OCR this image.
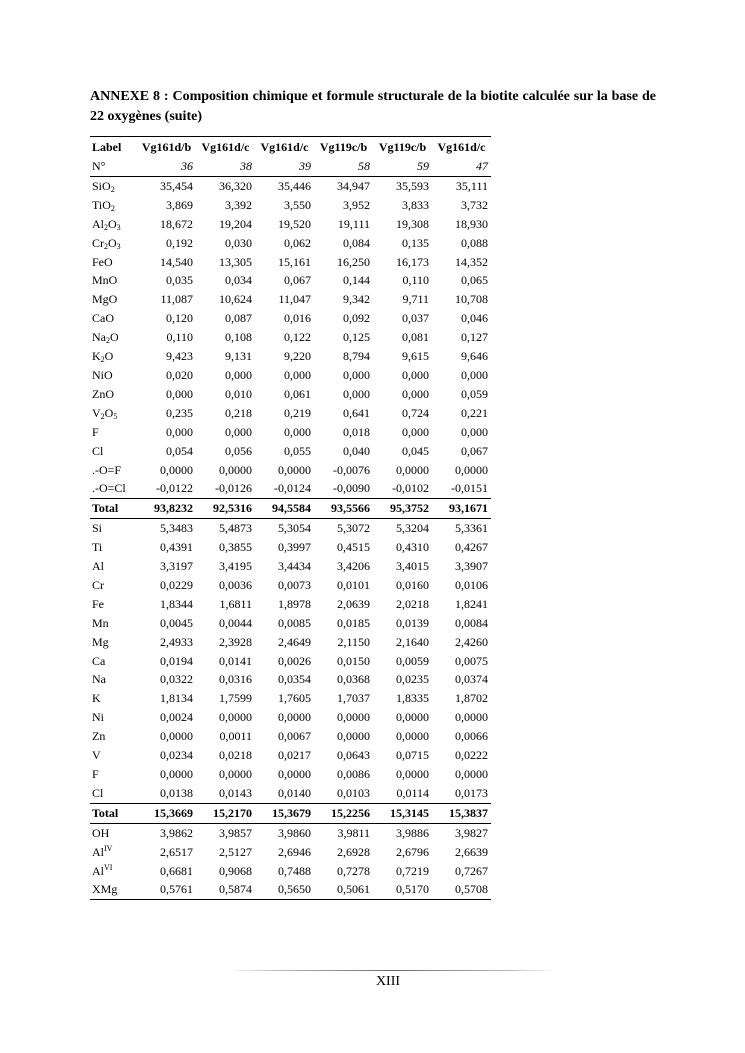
ANNEXE 8 : Composition chimique et formule structurale de la biotite calculée sur la base de 22 oxygènes (suite)
Label	Vg161d/b	Vg161d/c	Vg161d/c	Vg119c/b	Vg119c/b	Vg161d/c
N°	36	38	39	58	59	47
SiO$_2$	35,454	36,320	35,446	34,947	35,593	35,111
TiO$_2$	3,869	3,392	3,550	3,952	3,833	3,732
$Al_2O_3$	18,672	19,204	19,520	19,111	19,308	18,930
$Cr_2O_3$	0,192	0,030	0,062	0,084	0,135	0,088
FeO	14,540	13,305	15,161	16,250	16,173	14,352
MnO	0,035	0,034	0,067	0,144	0,110	0,065
MgO	11,087	10,624	11,047	9,342	9,711	10,708
CaO	0,120	0,087	0,016	0,092	0,037	0,046
$Na_2O$	0,110	0,108	0,122	0,125	0,081	0,127
$K_2O$	9,423	9,131	9,220	8,794	9,615	9,646
NiO	0,020	0,000	0,000	0,000	0,000	0,000
ZnO	0,000	0,010	0,061	0,000	0,000	0,059
$V_2O_5$	0,235	0,218	0,219	0,641	0,724	0,221
F	0,000	0,000	0,000	0,018	0,000	0,000
Cl	0,054	0,056	0,055	0,040	0,045	0,067
.-O=F	0,0000	0,0000	0,0000	-0,0076	0,0000	0,0000
.-O=Cl	-0,0122	-0,0126	-0,0124	-0,0090	-0,0102	-0,0151
Total	93,8232	92,5316	94,5584	93,5566	95,3752	93,1671
Si	5,3483	5,4873	5,3054	5,3072	5,3204	5,3361
Ti	0,4391	0,3855	0,3997	0,4515	0,4310	0,4267
Al	3,3197	3,4195	3,4434	3,4206	3,4015	3,3907
Cr	0,0229	0,0036	0,0073	0,0101	0,0160	0,0106
Fe	1,8344	1,6811	1,8978	2,0639	2,0218	1,8241
Mn	0,0045	0,0044	0,0085	0,0185	0,0139	0,0084
Mg	2,4933	2,3928	2,4649	2,1150	2,1640	2,4260
Ca	0,0194	0,0141	0,0026	0,0150	0,0059	0,0075
Na	0,0322	0,0316	0,0354	0,0368	0,0235	0,0374
K	1,8134	1,7599	1,7605	1,7037	1,8335	1,8702
Ni	0,0024	0,0000	0,0000	0,0000	0,0000	0,0000
Zn	0,0000	0,0011	0,0067	0,0000	0,0000	0,0066
V	0,0234	0,0218	0,0217	0,0643	0,0715	0,0222
F	0,0000	0,0000	0,0000	0,0086	0,0000	0,0000
Cl	0,0138	0,0143	0,0140	0,0103	0,0114	0,0173
Total	15,3669	15,2170	15,3679	15,2256	15,3145	15,3837
OH	3,9862	3,9857	3,9860	3,9811	3,9886	3,9827
$Al^{IV}$	2,6517	2,5127	2,6946	2,6928	2,6796	2,6639
$Al^{VI}$	0,6681	0,9068	0,7488	0,7278	0,7219	0,7267
XMg	0,5761	0,5874	0,5650	0,5061	0,5170	0,5708
XIII
